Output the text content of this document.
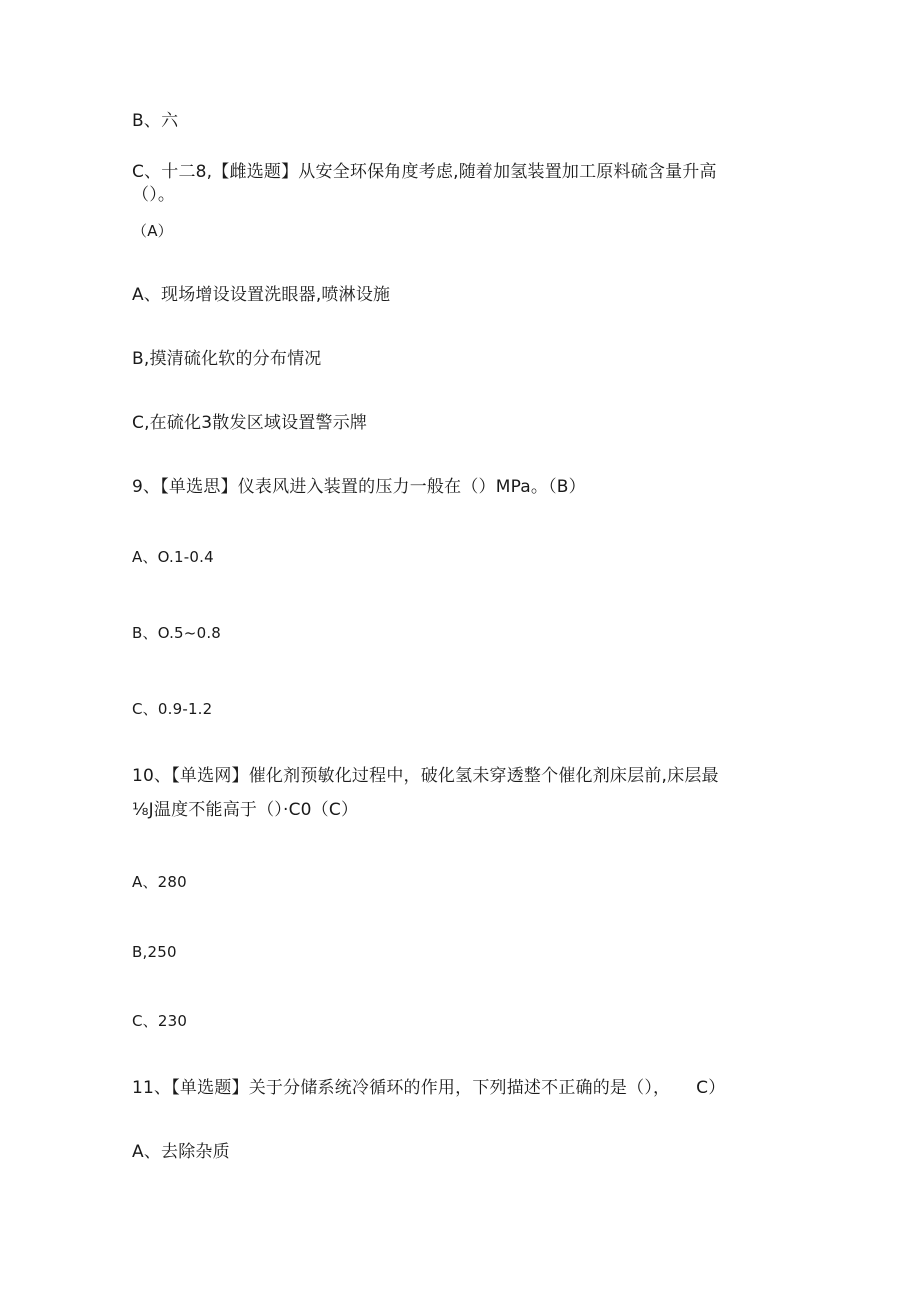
B、六
C、十二8,【雌选题】从安全环保角度考虑,随着加氢装置加工原料硫含量升高
（）。
（A）
A、现场增设设置洗眼器,喷淋设施
B,摸清硫化软的分布情况
C,在硫化3散发区域设置警示牌
9、【单选思】仪表风进入装置的压力一般在（）MPa。（B）
A、O.1-0.4
B、O.5~0.8
C、0.9-1.2
10、【单选网】催化剂预敏化过程中，破化氢未穿透整个催化剂床层前,床层最
⅛J温度不能高于（）·C0（C）
A、280
B,250
C、230
11、【单选题】关于分储系统冷循环的作用，下列描述不正确的是（），　　C）
A、去除杂质
